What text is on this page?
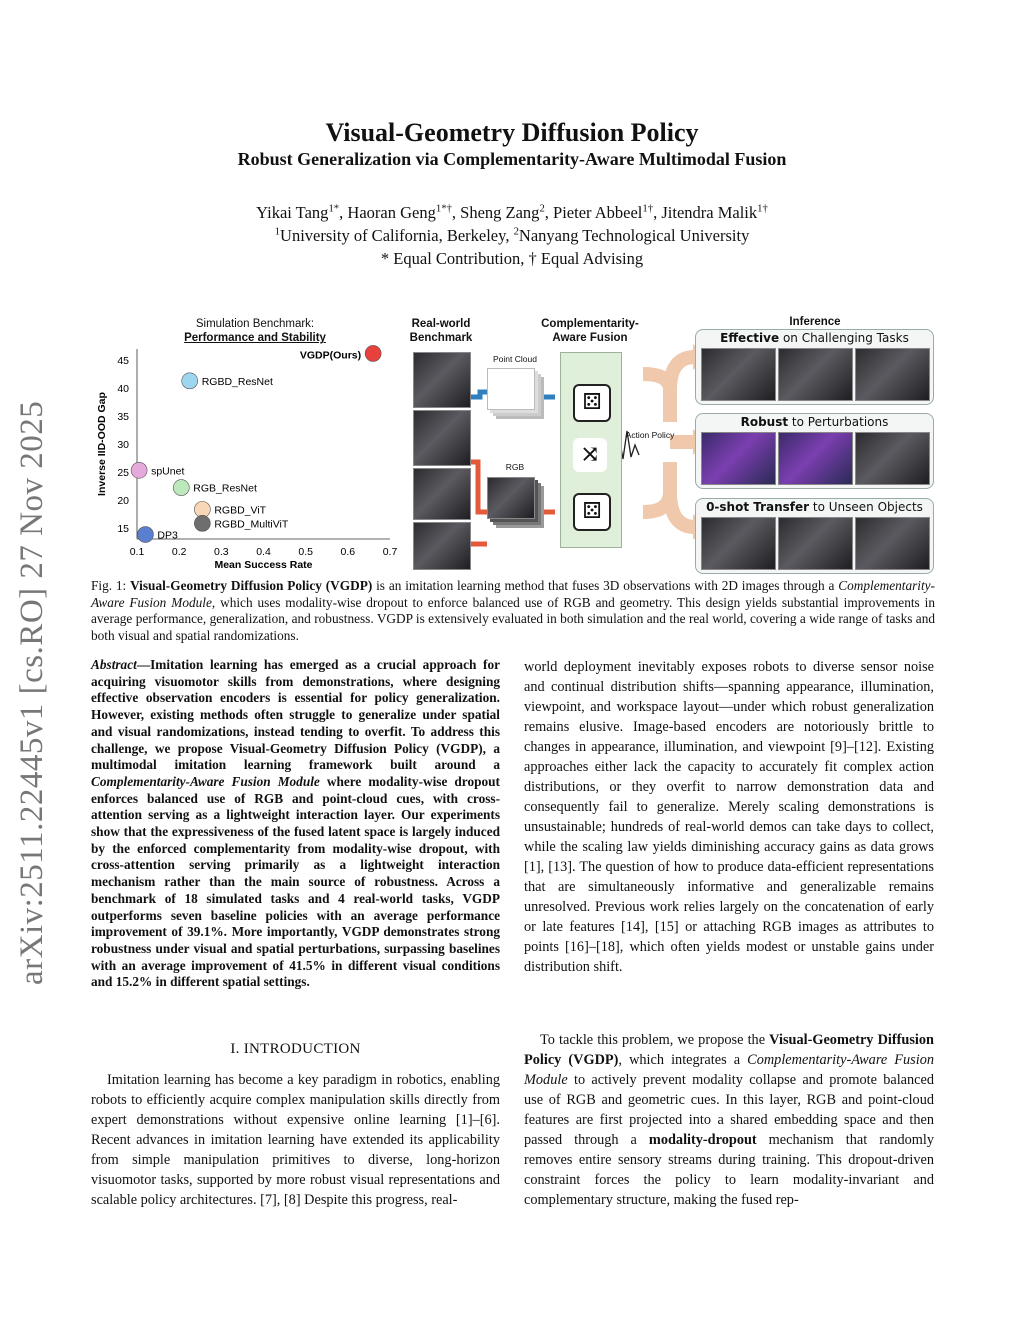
arXiv:2511.22445v1 [cs.RO] 27 Nov 2025
Visual-Geometry Diffusion Policy
Robust Generalization via Complementarity-Aware Multimodal Fusion
Yikai Tang$^{1*}$, Haoran Geng$^{1*\dagger}$, Sheng Zang$^2$, Pieter Abbeel$^{1\dagger}$, Jitendra Malik$^{1\dagger}$
$^1$University of California, Berkeley, $^2$Nanyang Technological University
* Equal Contribution, † Equal Advising
Simulation Benchmark:
Performance and Stability
0.1	0.2	0.3	0.4	0.5	0.6	0.7
15
20
25
30
35
40
45
Mean Success Rate
Inverse IID-OOD Gap
VGDP(Ours)
RGBD_ResNet
spUnet
RGB_ResNet
RGBD_ViT
RGBD_MultiViT
DP3
Real-world
Benchmark
Point Cloud
RGB
Complementarity-
Aware Fusion
⚄
⤨
⚄
Action Policy
Inference
Effective on Challenging Tasks
Robust to Perturbations
0-shot Transfer to Unseen Objects
Fig. 1: Visual-Geometry Diffusion Policy (VGDP) is an imitation learning method that fuses 3D observations with 2D images through a Complementarity-Aware Fusion Module, which uses modality-wise dropout to enforce balanced use of RGB and geometry. This design yields substantial improvements in average performance, generalization, and robustness. VGDP is extensively evaluated in both simulation and the real world, covering a wide range of tasks and both visual and spatial randomizations.
Abstract—Imitation learning has emerged as a crucial approach for acquiring visuomotor skills from demonstrations, where designing effective observation encoders is essential for policy generalization. However, existing methods often struggle to generalize under spatial and visual randomizations, instead tending to overfit. To address this challenge, we propose Visual-Geometry Diffusion Policy (VGDP), a multimodal imitation learning framework built around a Complementarity-Aware Fusion Module where modality-wise dropout enforces balanced use of RGB and point-cloud cues, with cross-attention serving as a lightweight interaction layer. Our experiments show that the expressiveness of the fused latent space is largely induced by the enforced complementarity from modality-wise dropout, with cross-attention serving primarily as a lightweight interaction mechanism rather than the main source of robustness. Across a benchmark of 18 simulated tasks and 4 real-world tasks, VGDP outperforms seven baseline policies with an average performance improvement of 39.1%. More importantly, VGDP demonstrates strong robustness under visual and spatial perturbations, surpassing baselines with an average improvement of 41.5% in different visual conditions and 15.2% in different spatial settings.
I. INTRODUCTION
Imitation learning has become a key paradigm in robotics, enabling robots to efficiently acquire complex manipulation skills directly from expert demonstrations without expensive online learning [1]–[6]. Recent advances in imitation learning have extended its applicability from simple manipulation primitives to diverse, long-horizon visuomotor tasks, supported by more robust visual representations and scalable policy architectures. [7], [8] Despite this progress, real-
world deployment inevitably exposes robots to diverse sensor noise and continual distribution shifts—spanning appearance, illumination, viewpoint, and workspace layout—under which robust generalization remains elusive. Image-based encoders are notoriously brittle to changes in appearance, illumination, and viewpoint [9]–[12]. Existing approaches either lack the capacity to accurately fit complex action distributions, or they overfit to narrow demonstration data and consequently fail to generalize. Merely scaling demonstrations is unsustainable; hundreds of real-world demos can take days to collect, while the scaling law yields diminishing accuracy gains as data grows [1], [13]. The question of how to produce data-efficient representations that are simultaneously informative and generalizable remains unresolved. Previous work relies largely on the concatenation of early or late features [14], [15] or attaching RGB images as attributes to points [16]–[18], which often yields modest or unstable gains under distribution shift.
To tackle this problem, we propose the Visual-Geometry Diffusion Policy (VGDP), which integrates a Complementarity-Aware Fusion Module to actively prevent modality collapse and promote balanced use of RGB and geometric cues. In this layer, RGB and point-cloud features are first projected into a shared embedding space and then passed through a modality-dropout mechanism that randomly removes entire sensory streams during training. This dropout-driven constraint forces the policy to learn modality-invariant and complementary structure, making the fused rep-
